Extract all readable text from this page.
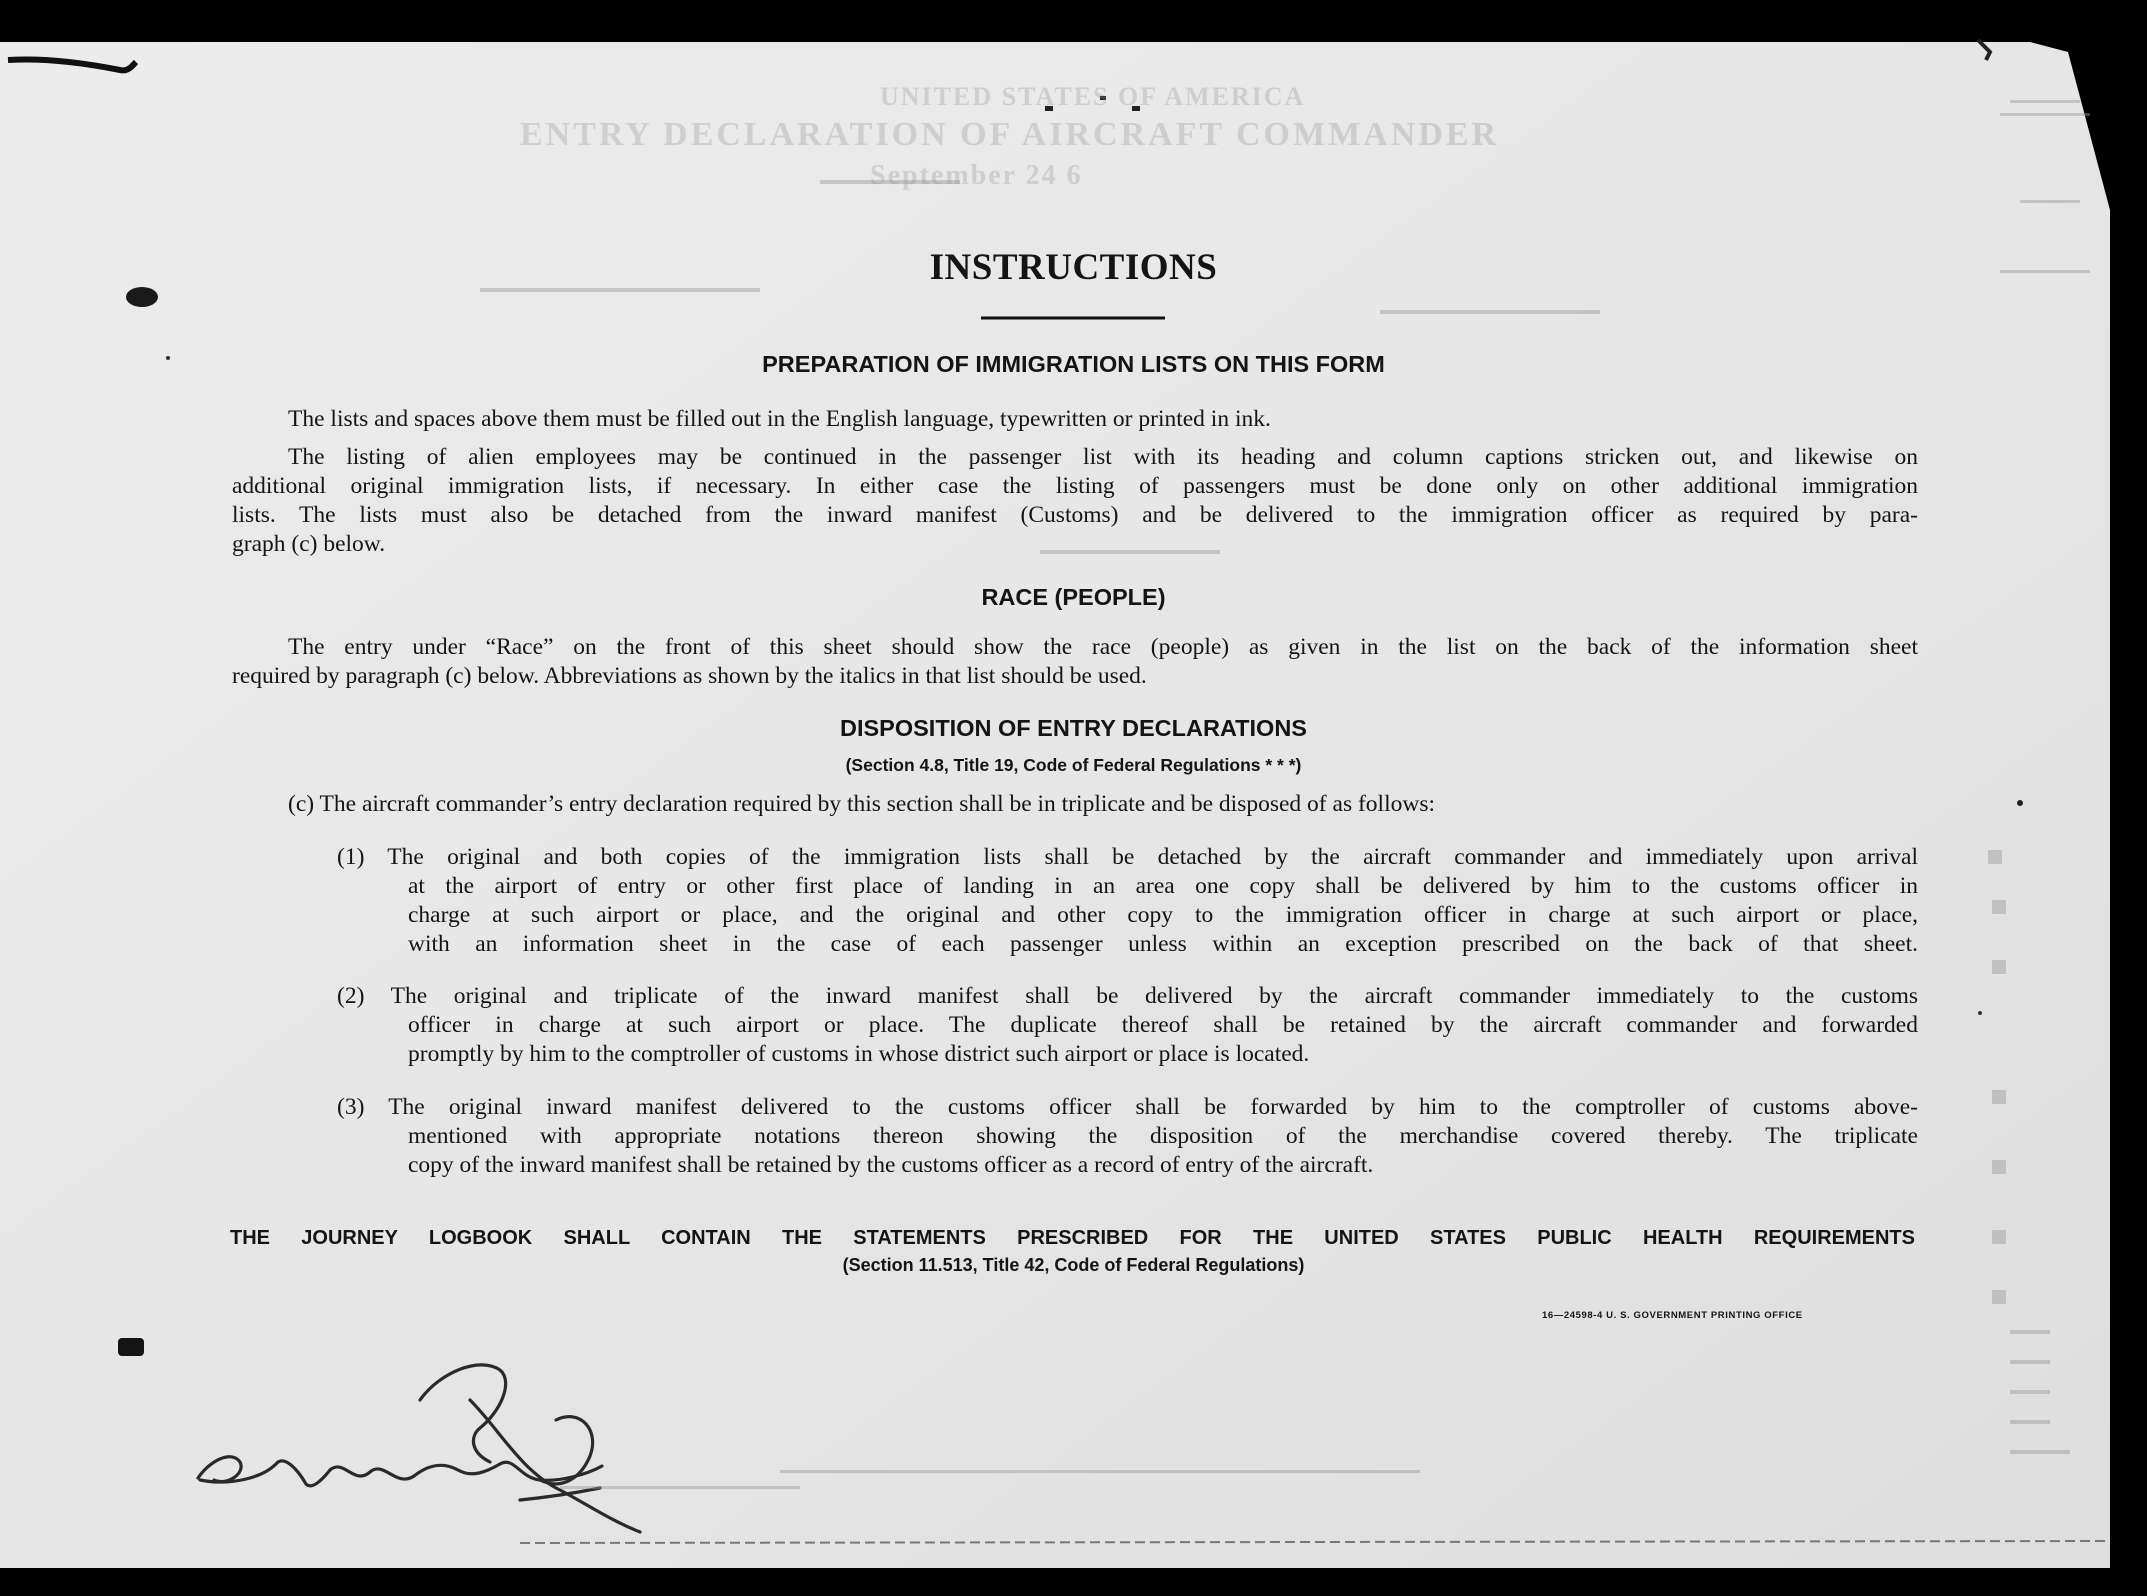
UNITED STATES OF AMERICA
ENTRY DECLARATION OF AIRCRAFT COMMANDER
September 24 6
INSTRUCTIONS
PREPARATION OF IMMIGRATION LISTS ON THIS FORM
The lists and spaces above them must be filled out in the English language, typewritten or printed in ink.
The listing of alien employees may be continued in the passenger list with its heading and column captions stricken out, and likewise on
additional original immigration lists, if necessary. In either case the listing of passengers must be done only on other additional immigration
lists. The lists must also be detached from the inward manifest (Customs) and be delivered to the immigration officer as required by para-
graph (c) below.
RACE (PEOPLE)
The entry under “Race” on the front of this sheet should show the race (people) as given in the list on the back of the information sheet
required by paragraph (c) below. Abbreviations as shown by the italics in that list should be used.
DISPOSITION OF ENTRY DECLARATIONS
(Section 4.8, Title 19, Code of Federal Regulations * * *)
(c) The aircraft commander’s entry declaration required by this section shall be in triplicate and be disposed of as follows:
(1) The original and both copies of the immigration lists shall be detached by the aircraft commander and immediately upon arrival
at the airport of entry or other first place of landing in an area one copy shall be delivered by him to the customs officer in
charge at such airport or place, and the original and other copy to the immigration officer in charge at such airport or place,
with an information sheet in the case of each passenger unless within an exception prescribed on the back of that sheet.
(2) The original and triplicate of the inward manifest shall be delivered by the aircraft commander immediately to the customs
officer in charge at such airport or place. The duplicate thereof shall be retained by the aircraft commander and forwarded
promptly by him to the comptroller of customs in whose district such airport or place is located.
(3) The original inward manifest delivered to the customs officer shall be forwarded by him to the comptroller of customs above-
mentioned with appropriate notations thereon showing the disposition of the merchandise covered thereby. The triplicate
copy of the inward manifest shall be retained by the customs officer as a record of entry of the aircraft.
THE JOURNEY LOGBOOK SHALL CONTAIN THE STATEMENTS PRESCRIBED FOR THE UNITED STATES PUBLIC HEALTH REQUIREMENTS
(Section 11.513, Title 42, Code of Federal Regulations)
16—24598-4 U. S. GOVERNMENT PRINTING OFFICE
